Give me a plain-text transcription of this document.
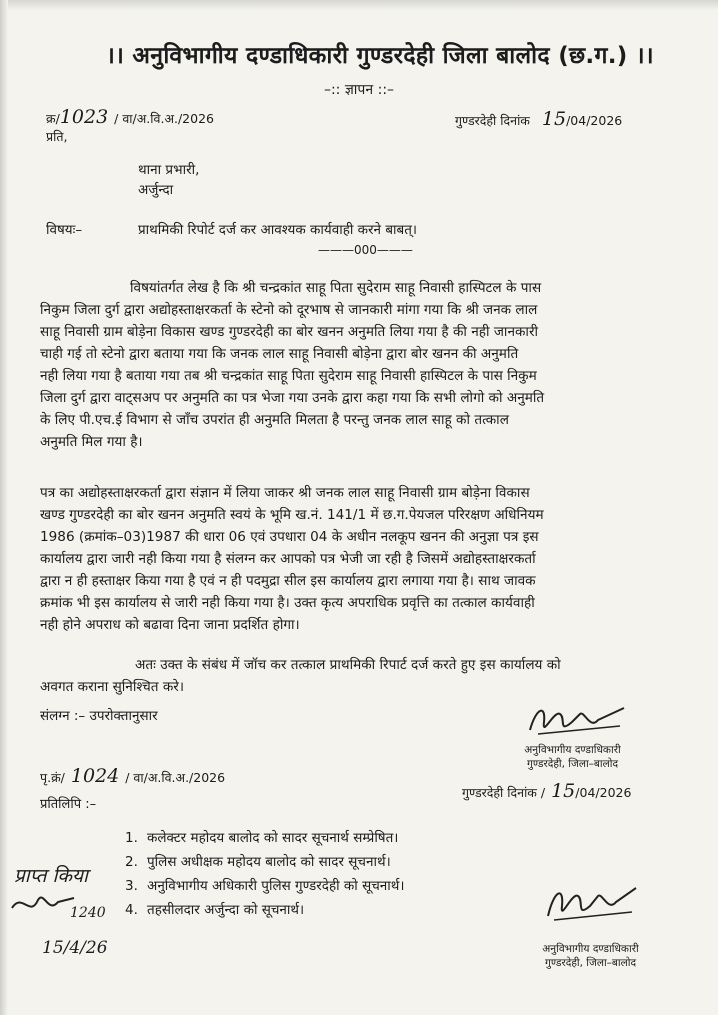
।। अनुविभागीय दण्डाधिकारी गुण्डरदेही जिला बालोद (छ.ग.) ।।
–:: ज्ञापन ::–
क्र/1023 / वा/अ.वि.अ./2026	गुण्डरदेही दिनांक 15/04/2026
प्रति,
थाना प्रभारी,
अर्जुन्दा
विषयः–	प्राथमिकी रिपोर्ट दर्ज कर आवश्यक कार्यवाही करने बाबत्।
———000———
विषयांतर्गत लेख है कि श्री चन्द्रकांत साहू पिता सुदेराम साहू निवासी हास्पिटल के पास
निकुम जिला दुर्ग द्वारा अद्योहस्ताक्षरकर्ता के स्टेनो को दूरभाष से जानकारी मांगा गया कि श्री जनक लाल
साहू निवासी ग्राम बोड़ेना विकास खण्ड गुण्डरदेही का बोर खनन अनुमति लिया गया है की नही जानकारी
चाही गई तो स्टेनो द्वारा बताया गया कि जनक लाल साहू निवासी बोड़ेना द्वारा बोर खनन की अनुमति
नही लिया गया है बताया गया तब श्री चन्द्रकांत साहू पिता सुदेराम साहू निवासी हास्पिटल के पास निकुम
जिला दुर्ग द्वारा वाट्सअप पर अनुमति का पत्र भेजा गया उनके द्वारा कहा गया कि सभी लोगो को अनुमति
के लिए पी.एच.ई विभाग से जाँच उपरांत ही अनुमति मिलता है परन्तु जनक लाल साहू को तत्काल
अनुमति मिल गया है।
पत्र का अद्योहस्ताक्षरकर्ता द्वारा संज्ञान में लिया जाकर श्री जनक लाल साहू निवासी ग्राम बोड़ेना विकास
खण्ड गुण्डरदेही का बोर खनन अनुमति स्वयं के भूमि ख.नं. 141/1 में छ.ग.पेयजल परिरक्षण अधिनियम
1986 (क्रमांक–03)1987 की धारा 06 एवं उपधारा 04 के अधीन नलकूप खनन की अनुज्ञा पत्र इस
कार्यालय द्वारा जारी नही किया गया है संलग्न कर आपको पत्र भेजी जा रही है जिसमें अद्योहस्ताक्षरकर्ता
द्वारा न ही हस्ताक्षर किया गया है एवं न ही पदमुद्रा सील इस कार्यालय द्वारा लगाया गया है। साथ जावक
क्रमांक भी इस कार्यालय से जारी नही किया गया है। उक्त कृत्य अपराधिक प्रवृत्ति का तत्काल कार्यवाही
नही होने अपराध को बढावा दिना जाना प्रदर्शित होगा।
अतः उक्त के संबंध में जॉच कर तत्काल प्राथमिकी रिपार्ट दर्ज करते हुए इस कार्यालय को
अवगत कराना सुनिश्चित करे।
संलग्न :– उपरोक्तानुसार
अनुविभागीय दण्डाधिकारी
गुण्डरदेही, जिला–बालोद
पृ.क्रं/ 1024 / वा/अ.वि.अ./2026
गुण्डरदेही दिनांक / 15/04/2026
प्रतिलिपि :–
1. कलेक्टर महोदय बालोद को सादर सूचनार्थ सम्प्रेषित।
2. पुलिस अधीक्षक महोदय बालोद को सादर सूचनार्थ।
3. अनुविभागीय अधिकारी पुलिस गुण्डरदेही को सूचनार्थ।
4. तहसीलदार अर्जुन्दा को सूचनार्थ।
प्राप्त किया
1240
15/4/26	अनुविभागीय दण्डाधिकारी
गुण्डरदेही, जिला–बालोद
